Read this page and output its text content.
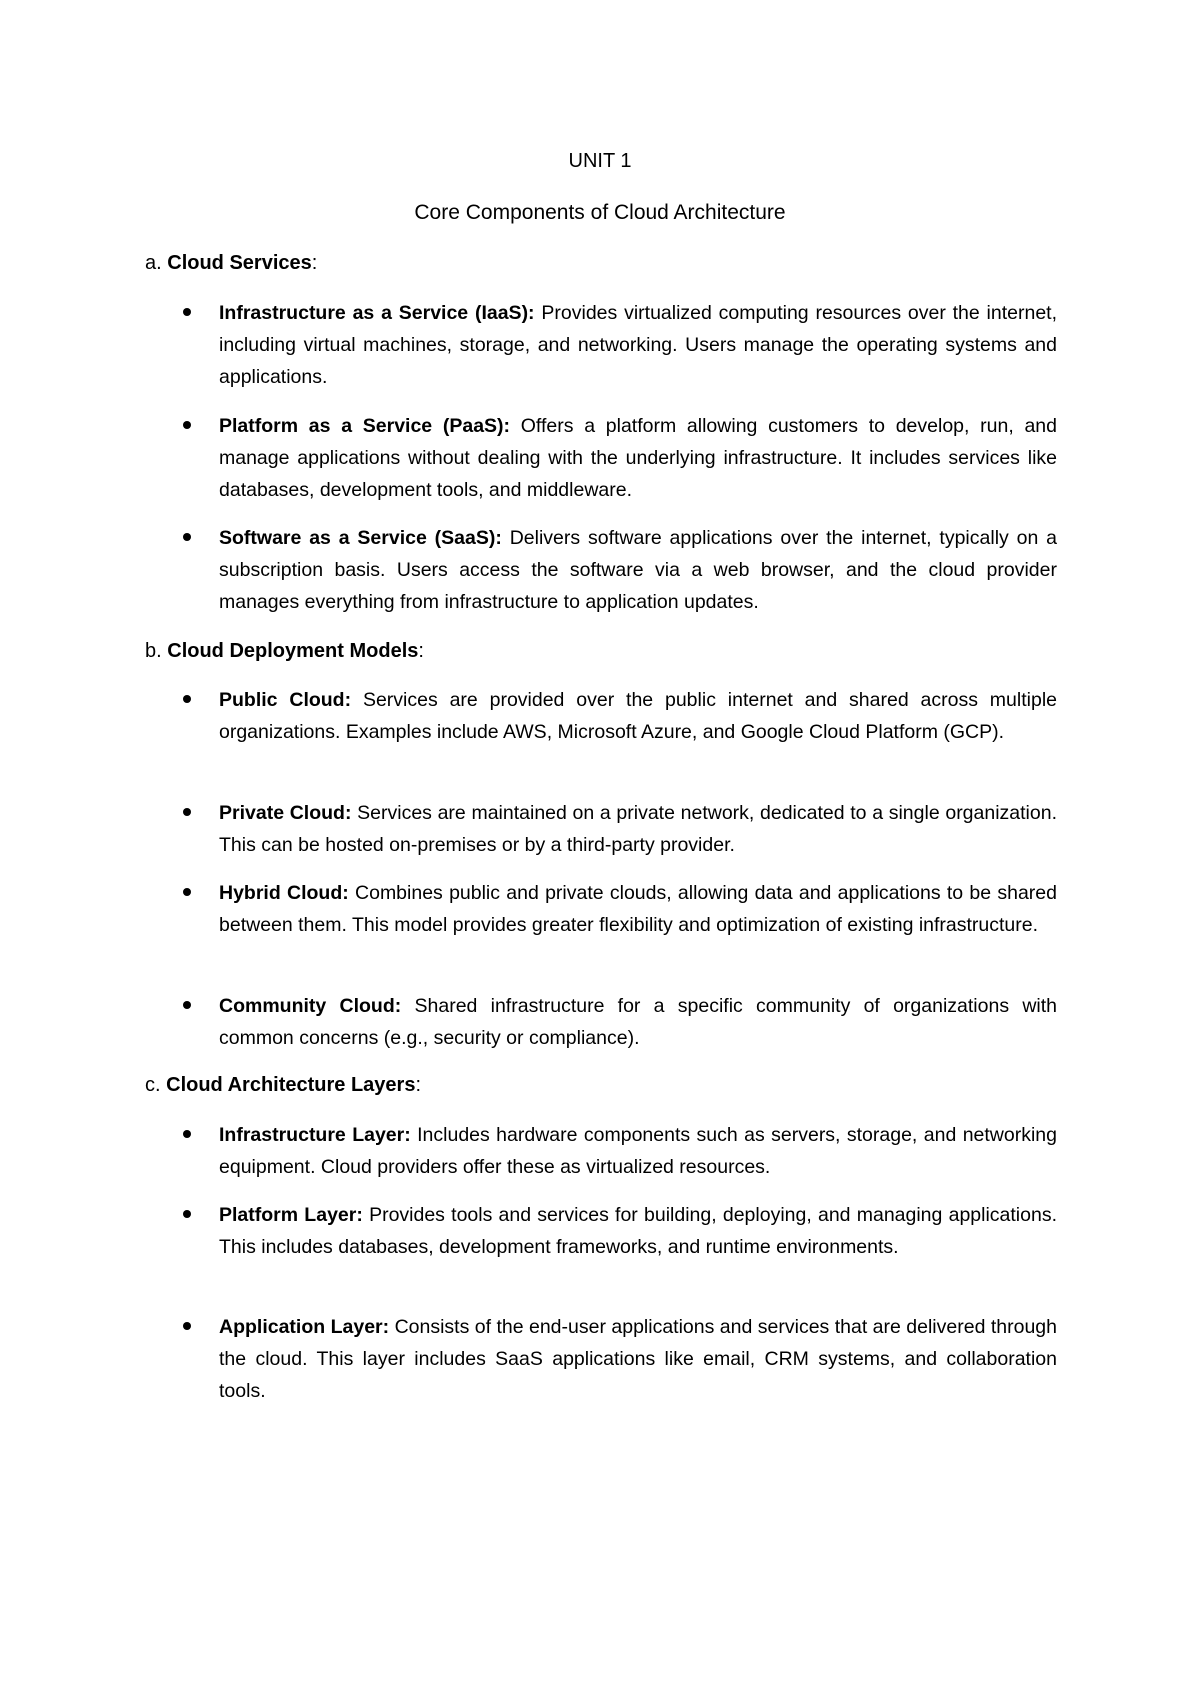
UNIT 1
Core Components of Cloud Architecture
a. Cloud Services:
Infrastructure as a Service (IaaS): Provides virtualized computing resources over the internet, including virtual machines, storage, and networking. Users manage the operating systems and applications.
Platform as a Service (PaaS): Offers a platform allowing customers to develop, run, and manage applications without dealing with the underlying infrastructure. It includes services like databases, development tools, and middleware.
Software as a Service (SaaS): Delivers software applications over the internet, typically on a subscription basis. Users access the software via a web browser, and the cloud provider manages everything from infrastructure to application updates.
b. Cloud Deployment Models:
Public Cloud: Services are provided over the public internet and shared across multiple organizations. Examples include AWS, Microsoft Azure, and Google Cloud Platform (GCP).
Private Cloud: Services are maintained on a private network, dedicated to a single organization. This can be hosted on-premises or by a third-party provider.
Hybrid Cloud: Combines public and private clouds, allowing data and applications to be shared between them. This model provides greater flexibility and optimization of existing infrastructure.
Community Cloud: Shared infrastructure for a specific community of organizations with common concerns (e.g., security or compliance).
c. Cloud Architecture Layers:
Infrastructure Layer: Includes hardware components such as servers, storage, and networking equipment. Cloud providers offer these as virtualized resources.
Platform Layer: Provides tools and services for building, deploying, and managing applications. This includes databases, development frameworks, and runtime environments.
Application Layer: Consists of the end-user applications and services that are delivered through the cloud. This layer includes SaaS applications like email, CRM systems, and collaboration tools.
